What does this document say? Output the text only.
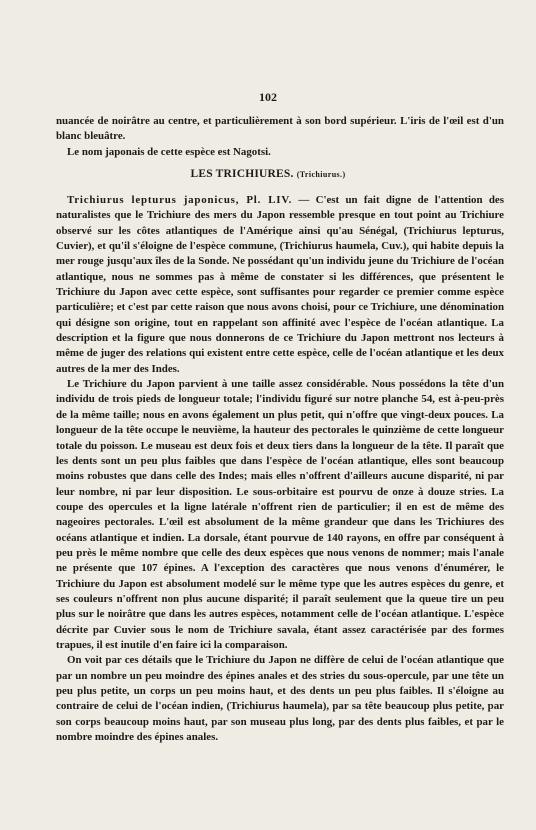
102

nuancée de noirâtre au centre, et particulièrement à son bord supérieur. L'iris de l'œil est d'un blanc bleuâtre.

Le nom japonais de cette espèce est Nagotsi.

LES TRICHIURES. (Trichiurus.)

Trichiurus lepturus japonicus, Pl. LIV. — C'est un fait digne de l'attention des naturalistes que le Trichiure des mers du Japon ressemble presque en tout point au Trichiure observé sur les côtes atlantiques de l'Amérique ainsi qu'au Sénégal, (Trichiurus lepturus, Cuvier), et qu'il s'éloigne de l'espèce commune, (Trichiurus haumela, Cuv.), qui habite depuis la mer rouge jusqu'aux îles de la Sonde. Ne possédant qu'un individu jeune du Trichiure de l'océan atlantique, nous ne sommes pas à même de constater si les différences, que présentent le Trichiure du Japon avec cette espèce, sont suffisantes pour regarder ce premier comme espèce particulière; et c'est par cette raison que nous avons choisi, pour ce Trichiure, une dénomination qui désigne son origine, tout en rappelant son affinité avec l'espèce de l'océan atlantique. La description et la figure que nous donnerons de ce Trichiure du Japon mettront nos lecteurs à même de juger des relations qui existent entre cette espèce, celle de l'océan atlantique et les deux autres de la mer des Indes.

Le Trichiure du Japon parvient à une taille assez considérable. Nous possédons la tête d'un individu de trois pieds de longueur totale; l'individu figuré sur notre planche 54, est à-peu-près de la même taille; nous en avons également un plus petit, qui n'offre que vingt-deux pouces. La longueur de la tête occupe le neuvième, la hauteur des pectorales le quinzième de cette longueur totale du poisson. Le museau est deux fois et deux tiers dans la longueur de la tête. Il paraît que les dents sont un peu plus faibles que dans l'espèce de l'océan atlantique, elles sont beaucoup moins robustes que dans celle des Indes; mais elles n'offrent d'ailleurs aucune disparité, ni par leur nombre, ni par leur disposition. Le sous-orbitaire est pourvu de onze à douze stries. La coupe des opercules et la ligne latérale n'offrent rien de particulier; il en est de même des nageoires pectorales. L'œil est absolument de la même grandeur que dans les Trichiures des océans atlantique et indien. La dorsale, étant pourvue de 140 rayons, en offre par conséquent à peu près le même nombre que celle des deux espèces que nous venons de nommer; mais l'anale ne présente que 107 épines. A l'exception des caractères que nous venons d'énumérer, le Trichiure du Japon est absolument modelé sur le même type que les autres espèces du genre, et ses couleurs n'offrent non plus aucune disparité; il paraît seulement que la queue tire un peu plus sur le noirâtre que dans les autres espèces, notamment celle de l'océan atlantique. L'espèce décrite par Cuvier sous le nom de Trichiure savala, étant assez caractérisée par des formes trapues, il est inutile d'en faire ici la comparaison.

On voit par ces détails que le Trichiure du Japon ne diffère de celui de l'océan atlantique que par un nombre un peu moindre des épines anales et des stries du sous-opercule, par une tête un peu plus petite, un corps un peu moins haut, et des dents un peu plus faibles. Il s'éloigne au contraire de celui de l'océan indien, (Trichiurus haumela), par sa tête beaucoup plus petite, par son corps beaucoup moins haut, par son museau plus long, par des dents plus faibles, et par le nombre moindre des épines anales.
